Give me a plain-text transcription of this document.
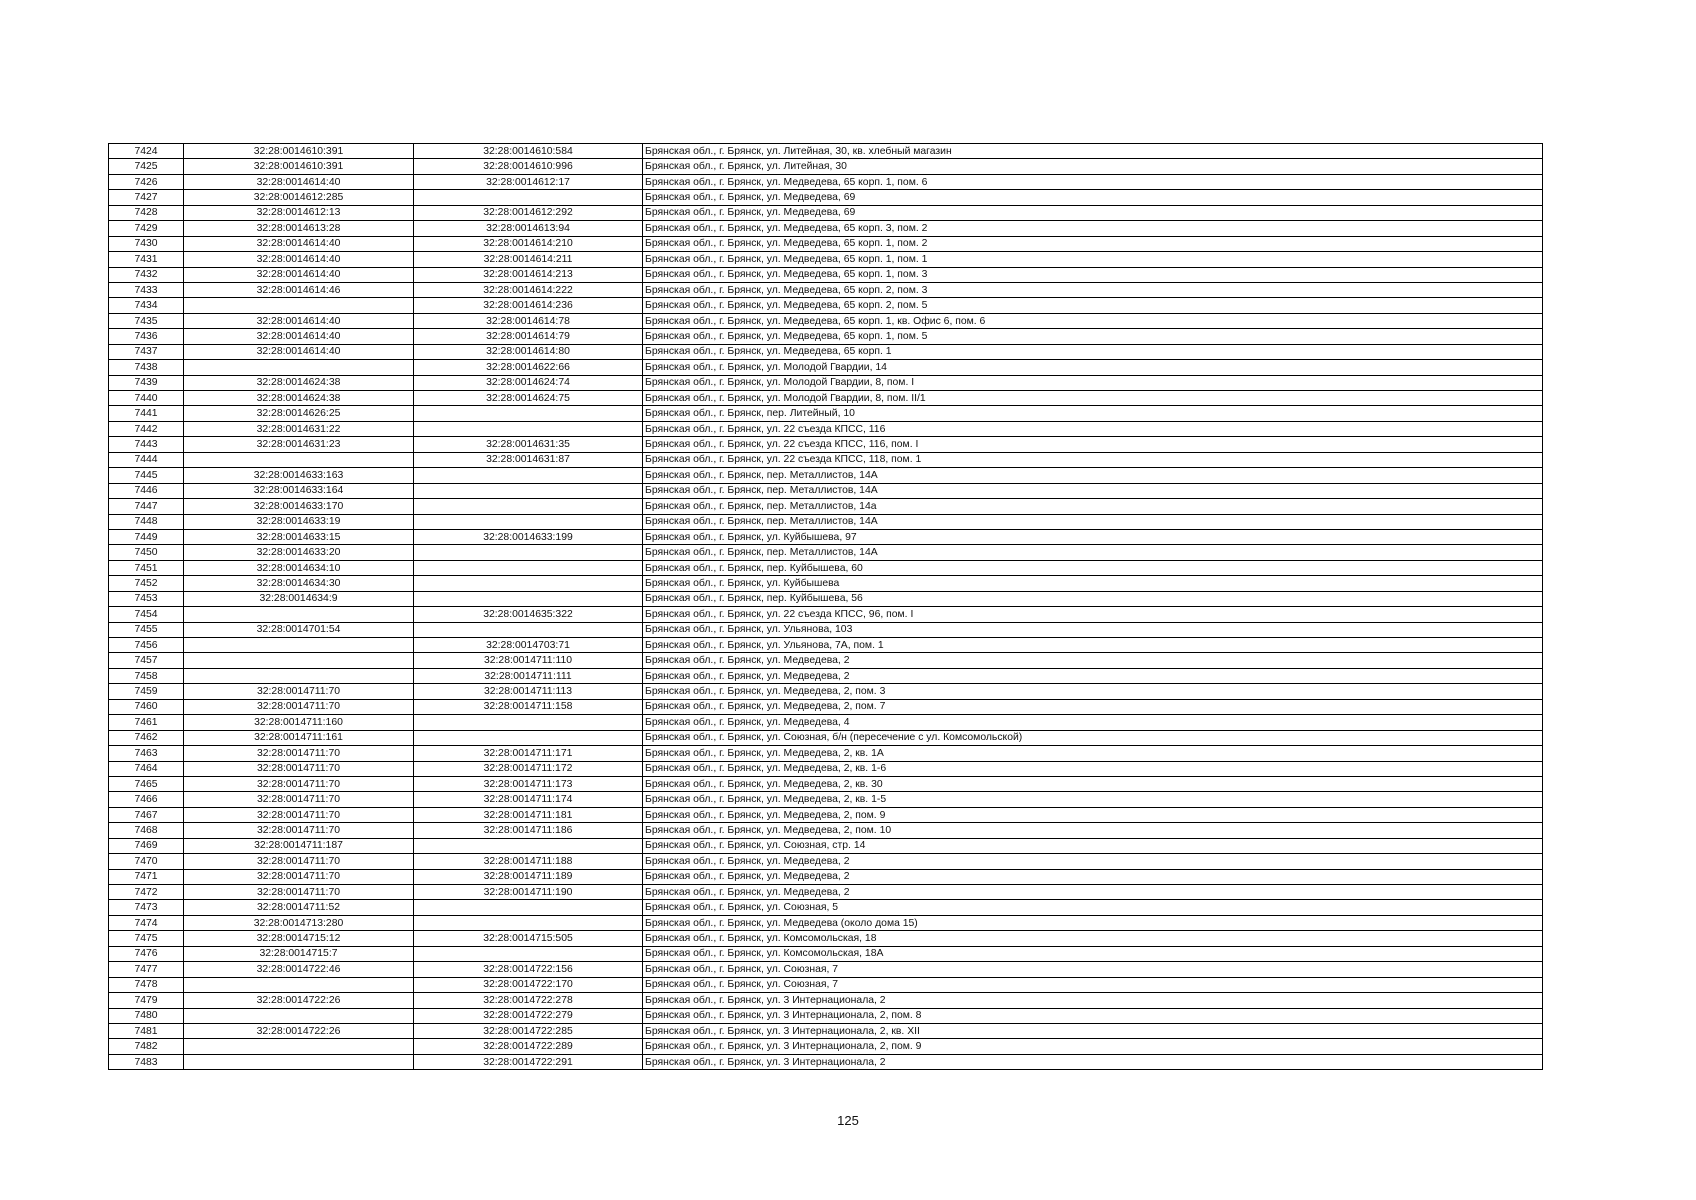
7424	32:28:0014610:391	32:28:0014610:584	Брянская обл., г. Брянск, ул. Литейная, 30, кв. хлебный магазин
7425	32:28:0014610:391	32:28:0014610:996	Брянская обл., г. Брянск, ул. Литейная, 30
7426	32:28:0014614:40	32:28:0014612:17	Брянская обл., г. Брянск, ул. Медведева, 65 корп. 1, пом. 6
7427	32:28:0014612:285		Брянская обл., г. Брянск, ул. Медведева, 69
7428	32:28:0014612:13	32:28:0014612:292	Брянская обл., г. Брянск, ул. Медведева, 69
7429	32:28:0014613:28	32:28:0014613:94	Брянская обл., г. Брянск, ул. Медведева, 65 корп. 3, пом. 2
7430	32:28:0014614:40	32:28:0014614:210	Брянская обл., г. Брянск, ул. Медведева, 65 корп. 1, пом. 2
7431	32:28:0014614:40	32:28:0014614:211	Брянская обл., г. Брянск, ул. Медведева, 65 корп. 1, пом. 1
7432	32:28:0014614:40	32:28:0014614:213	Брянская обл., г. Брянск, ул. Медведева, 65 корп. 1, пом. 3
7433	32:28:0014614:46	32:28:0014614:222	Брянская обл., г. Брянск, ул. Медведева, 65 корп. 2, пом. 3
7434		32:28:0014614:236	Брянская обл., г. Брянск, ул. Медведева, 65 корп. 2, пом. 5
7435	32:28:0014614:40	32:28:0014614:78	Брянская обл., г. Брянск, ул. Медведева, 65 корп. 1, кв. Офис 6, пом. 6
7436	32:28:0014614:40	32:28:0014614:79	Брянская обл., г. Брянск, ул. Медведева, 65 корп. 1, пом. 5
7437	32:28:0014614:40	32:28:0014614:80	Брянская обл., г. Брянск, ул. Медведева, 65 корп. 1
7438		32:28:0014622:66	Брянская обл., г. Брянск, ул. Молодой Гвардии, 14
7439	32:28:0014624:38	32:28:0014624:74	Брянская обл., г. Брянск, ул. Молодой Гвардии, 8, пом. I
7440	32:28:0014624:38	32:28:0014624:75	Брянская обл., г. Брянск, ул. Молодой Гвардии, 8, пом. II/1
7441	32:28:0014626:25		Брянская обл., г. Брянск, пер. Литейный, 10
7442	32:28:0014631:22		Брянская обл., г. Брянск, ул. 22 съезда КПСС, 116
7443	32:28:0014631:23	32:28:0014631:35	Брянская обл., г. Брянск, ул. 22 съезда КПСС, 116, пом. I
7444		32:28:0014631:87	Брянская обл., г. Брянск, ул. 22 съезда КПСС, 118, пом. 1
7445	32:28:0014633:163		Брянская обл., г. Брянск, пер. Металлистов, 14А
7446	32:28:0014633:164		Брянская обл., г. Брянск, пер. Металлистов, 14А
7447	32:28:0014633:170		Брянская обл., г. Брянск, пер. Металлистов, 14а
7448	32:28:0014633:19		Брянская обл., г. Брянск, пер. Металлистов, 14А
7449	32:28:0014633:15	32:28:0014633:199	Брянская обл., г. Брянск, ул. Куйбышева, 97
7450	32:28:0014633:20		Брянская обл., г. Брянск, пер. Металлистов, 14А
7451	32:28:0014634:10		Брянская обл., г. Брянск, пер. Куйбышева, 60
7452	32:28:0014634:30		Брянская обл., г. Брянск, ул. Куйбышева
7453	32:28:0014634:9		Брянская обл., г. Брянск, пер. Куйбышева, 56
7454		32:28:0014635:322	Брянская обл., г. Брянск, ул. 22 съезда КПСС, 96, пом. I
7455	32:28:0014701:54		Брянская обл., г. Брянск, ул. Ульянова, 103
7456		32:28:0014703:71	Брянская обл., г. Брянск, ул. Ульянова, 7А, пом. 1
7457		32:28:0014711:110	Брянская обл., г. Брянск, ул. Медведева, 2
7458		32:28:0014711:111	Брянская обл., г. Брянск, ул. Медведева, 2
7459	32:28:0014711:70	32:28:0014711:113	Брянская обл., г. Брянск, ул. Медведева, 2, пом. 3
7460	32:28:0014711:70	32:28:0014711:158	Брянская обл., г. Брянск, ул. Медведева, 2, пом. 7
7461	32:28:0014711:160		Брянская обл., г. Брянск, ул. Медведева, 4
7462	32:28:0014711:161		Брянская обл., г. Брянск, ул. Союзная, б/н (пересечение с ул. Комсомольской)
7463	32:28:0014711:70	32:28:0014711:171	Брянская обл., г. Брянск, ул. Медведева, 2, кв. 1А
7464	32:28:0014711:70	32:28:0014711:172	Брянская обл., г. Брянск, ул. Медведева, 2, кв. 1-6
7465	32:28:0014711:70	32:28:0014711:173	Брянская обл., г. Брянск, ул. Медведева, 2, кв. 30
7466	32:28:0014711:70	32:28:0014711:174	Брянская обл., г. Брянск, ул. Медведева, 2, кв. 1-5
7467	32:28:0014711:70	32:28:0014711:181	Брянская обл., г. Брянск, ул. Медведева, 2, пом. 9
7468	32:28:0014711:70	32:28:0014711:186	Брянская обл., г. Брянск, ул. Медведева, 2, пом. 10
7469	32:28:0014711:187		Брянская обл., г. Брянск, ул. Союзная, стр. 14
7470	32:28:0014711:70	32:28:0014711:188	Брянская обл., г. Брянск, ул. Медведева, 2
7471	32:28:0014711:70	32:28:0014711:189	Брянская обл., г. Брянск, ул. Медведева, 2
7472	32:28:0014711:70	32:28:0014711:190	Брянская обл., г. Брянск, ул. Медведева, 2
7473	32:28:0014711:52		Брянская обл., г. Брянск, ул. Союзная, 5
7474	32:28:0014713:280		Брянская обл., г. Брянск, ул. Медведева (около дома 15)
7475	32:28:0014715:12	32:28:0014715:505	Брянская обл., г. Брянск, ул. Комсомольская, 18
7476	32:28:0014715:7		Брянская обл., г. Брянск, ул. Комсомольская, 18А
7477	32:28:0014722:46	32:28:0014722:156	Брянская обл., г. Брянск, ул. Союзная, 7
7478		32:28:0014722:170	Брянская обл., г. Брянск, ул. Союзная, 7
7479	32:28:0014722:26	32:28:0014722:278	Брянская обл., г. Брянск, ул. 3 Интернационала, 2
7480		32:28:0014722:279	Брянская обл., г. Брянск, ул. 3 Интернационала, 2, пом. 8
7481	32:28:0014722:26	32:28:0014722:285	Брянская обл., г. Брянск, ул. 3 Интернационала, 2, кв. XII
7482		32:28:0014722:289	Брянская обл., г. Брянск, ул. 3 Интернационала, 2, пом. 9
7483		32:28:0014722:291	Брянская обл., г. Брянск, ул. 3 Интернационала, 2
125
